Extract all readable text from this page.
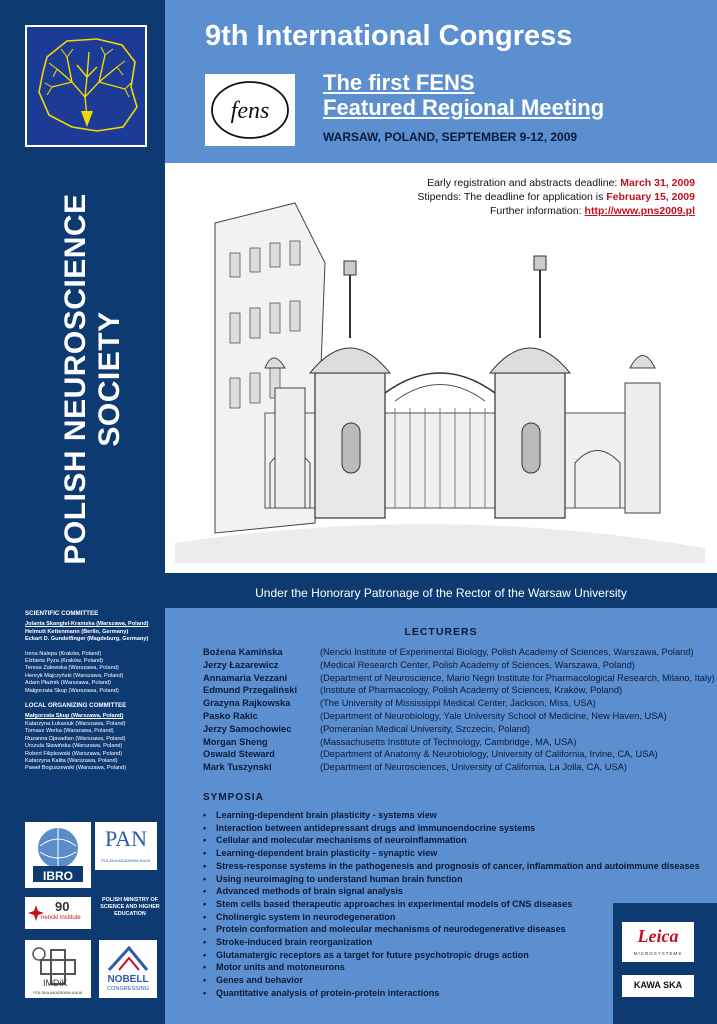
POLISH NEUROSCIENCE SOCIETY
SCIENTIFIC COMMITTEE
Jolanta Skangiel-Kramska (Warszawa, Poland)
Helmutt Kettenmann (Berlin, Germany)
Eckart D. Gundelfinger (Magdeburg, Germany)
Irena Nalepa (Kraków, Poland)
Elżbieta Pyza (Kraków, Poland)
Teresa Zalewska (Warszawa, Poland)
Henryk Majczyński (Warszawa, Poland)
Adam Płaźnik (Warszawa, Poland)
Małgorzata Skup (Warszawa, Poland)
LOCAL ORGANIZING COMMITTEE
Małgorzata Skup (Warszawa, Poland)
Katarzyna Łukasiuk (Warszawa, Poland)
Tomasz Werka (Warszawa, Poland)
Ruzanna Djavadian (Warszawa, Poland)
Urszula Sławińska (Warszawa, Poland)
Robert Filipkowski (Warszawa, Poland)
Katarzyna Kalita (Warszawa, Poland)
Paweł Boguszewski (Warszawa, Poland)
IBRO
PAN
POLSKA AKADEMIA NAUK
90
nencki institute
POLISH MINISTRY OF SCIENCE AND HIGHER EDUCATION
IMDiK
POLSKA AKADEMIA NAUK
NOBELL
CONGRESSING
9th International Congress
fens
The first FENS
Featured Regional Meeting
WARSAW, POLAND, SEPTEMBER 9-12, 2009
Early registration and abstracts deadline: March 31, 2009
Stipends: The deadline for application is February 15, 2009
Further information: http://www.pns2009.pl
Under the Honorary Patronage of the Rector of the Warsaw University
LECTURERS
Bożena Kamińska	(Nencki Institute of Experimental Biology, Polish Academy of Sciences, Warszawa, Poland)
Jerzy Łazarewicz	(Medical Research Center, Polish Academy of Sciences, Warszawa, Poland)
Annamaria Vezzani	(Department of Neuroscience, Mario Negri Institute for Pharmacological Research, Milano, Italy)
Edmund Przegaliński	(Institute of Pharmacology, Polish Academy of Sciences, Kraków, Poland)
Grazyna Rajkowska	(The University of Mississippi Medical Center, Jackson, Miss, USA)
Pasko Rakic	(Department of Neurobiology, Yale University School of Medicine, New Haven, USA)
Jerzy Samochowiec	(Pomeranian Medical University, Szczecin, Poland)
Morgan Sheng	(Massachusetts Institute of Technology, Cambridge, MA, USA)
Oswald Steward	(Department of Anatomy & Neurobiology, University of California, Irvine, CA, USA)
Mark Tuszynski	(Department of Neurosciences, University of California, La Jolla, CA, USA)
SYMPOSIA
• Learning-dependent brain plasticity - systems view
• Interaction between antidepressant drugs and immunoendocrine systems
• Cellular and molecular mechanisms of neuroinflammation
• Learning-dependent brain plasticity - synaptic view
• Stress-response systems in the pathogenesis and prognosis of cancer, inflammation and autoimmune diseases
• Using neuroimaging to understand human brain function
• Advanced methods of brain signal analysis
• Stem cells based therapeutic approaches in experimental models of CNS diseases
• Cholinergic system in neurodegeneration
• Protein conformation and molecular mechanisms of neurodegenerative diseases
• Stroke-induced brain reorganization
• Glutamatergic receptors as a target for future psychotropic drugs action
• Motor units and motoneurons
• Genes and behavior
• Quantitative analysis of protein-protein interactions
Leica
MICROSYSTEMS
KAWA SKA
